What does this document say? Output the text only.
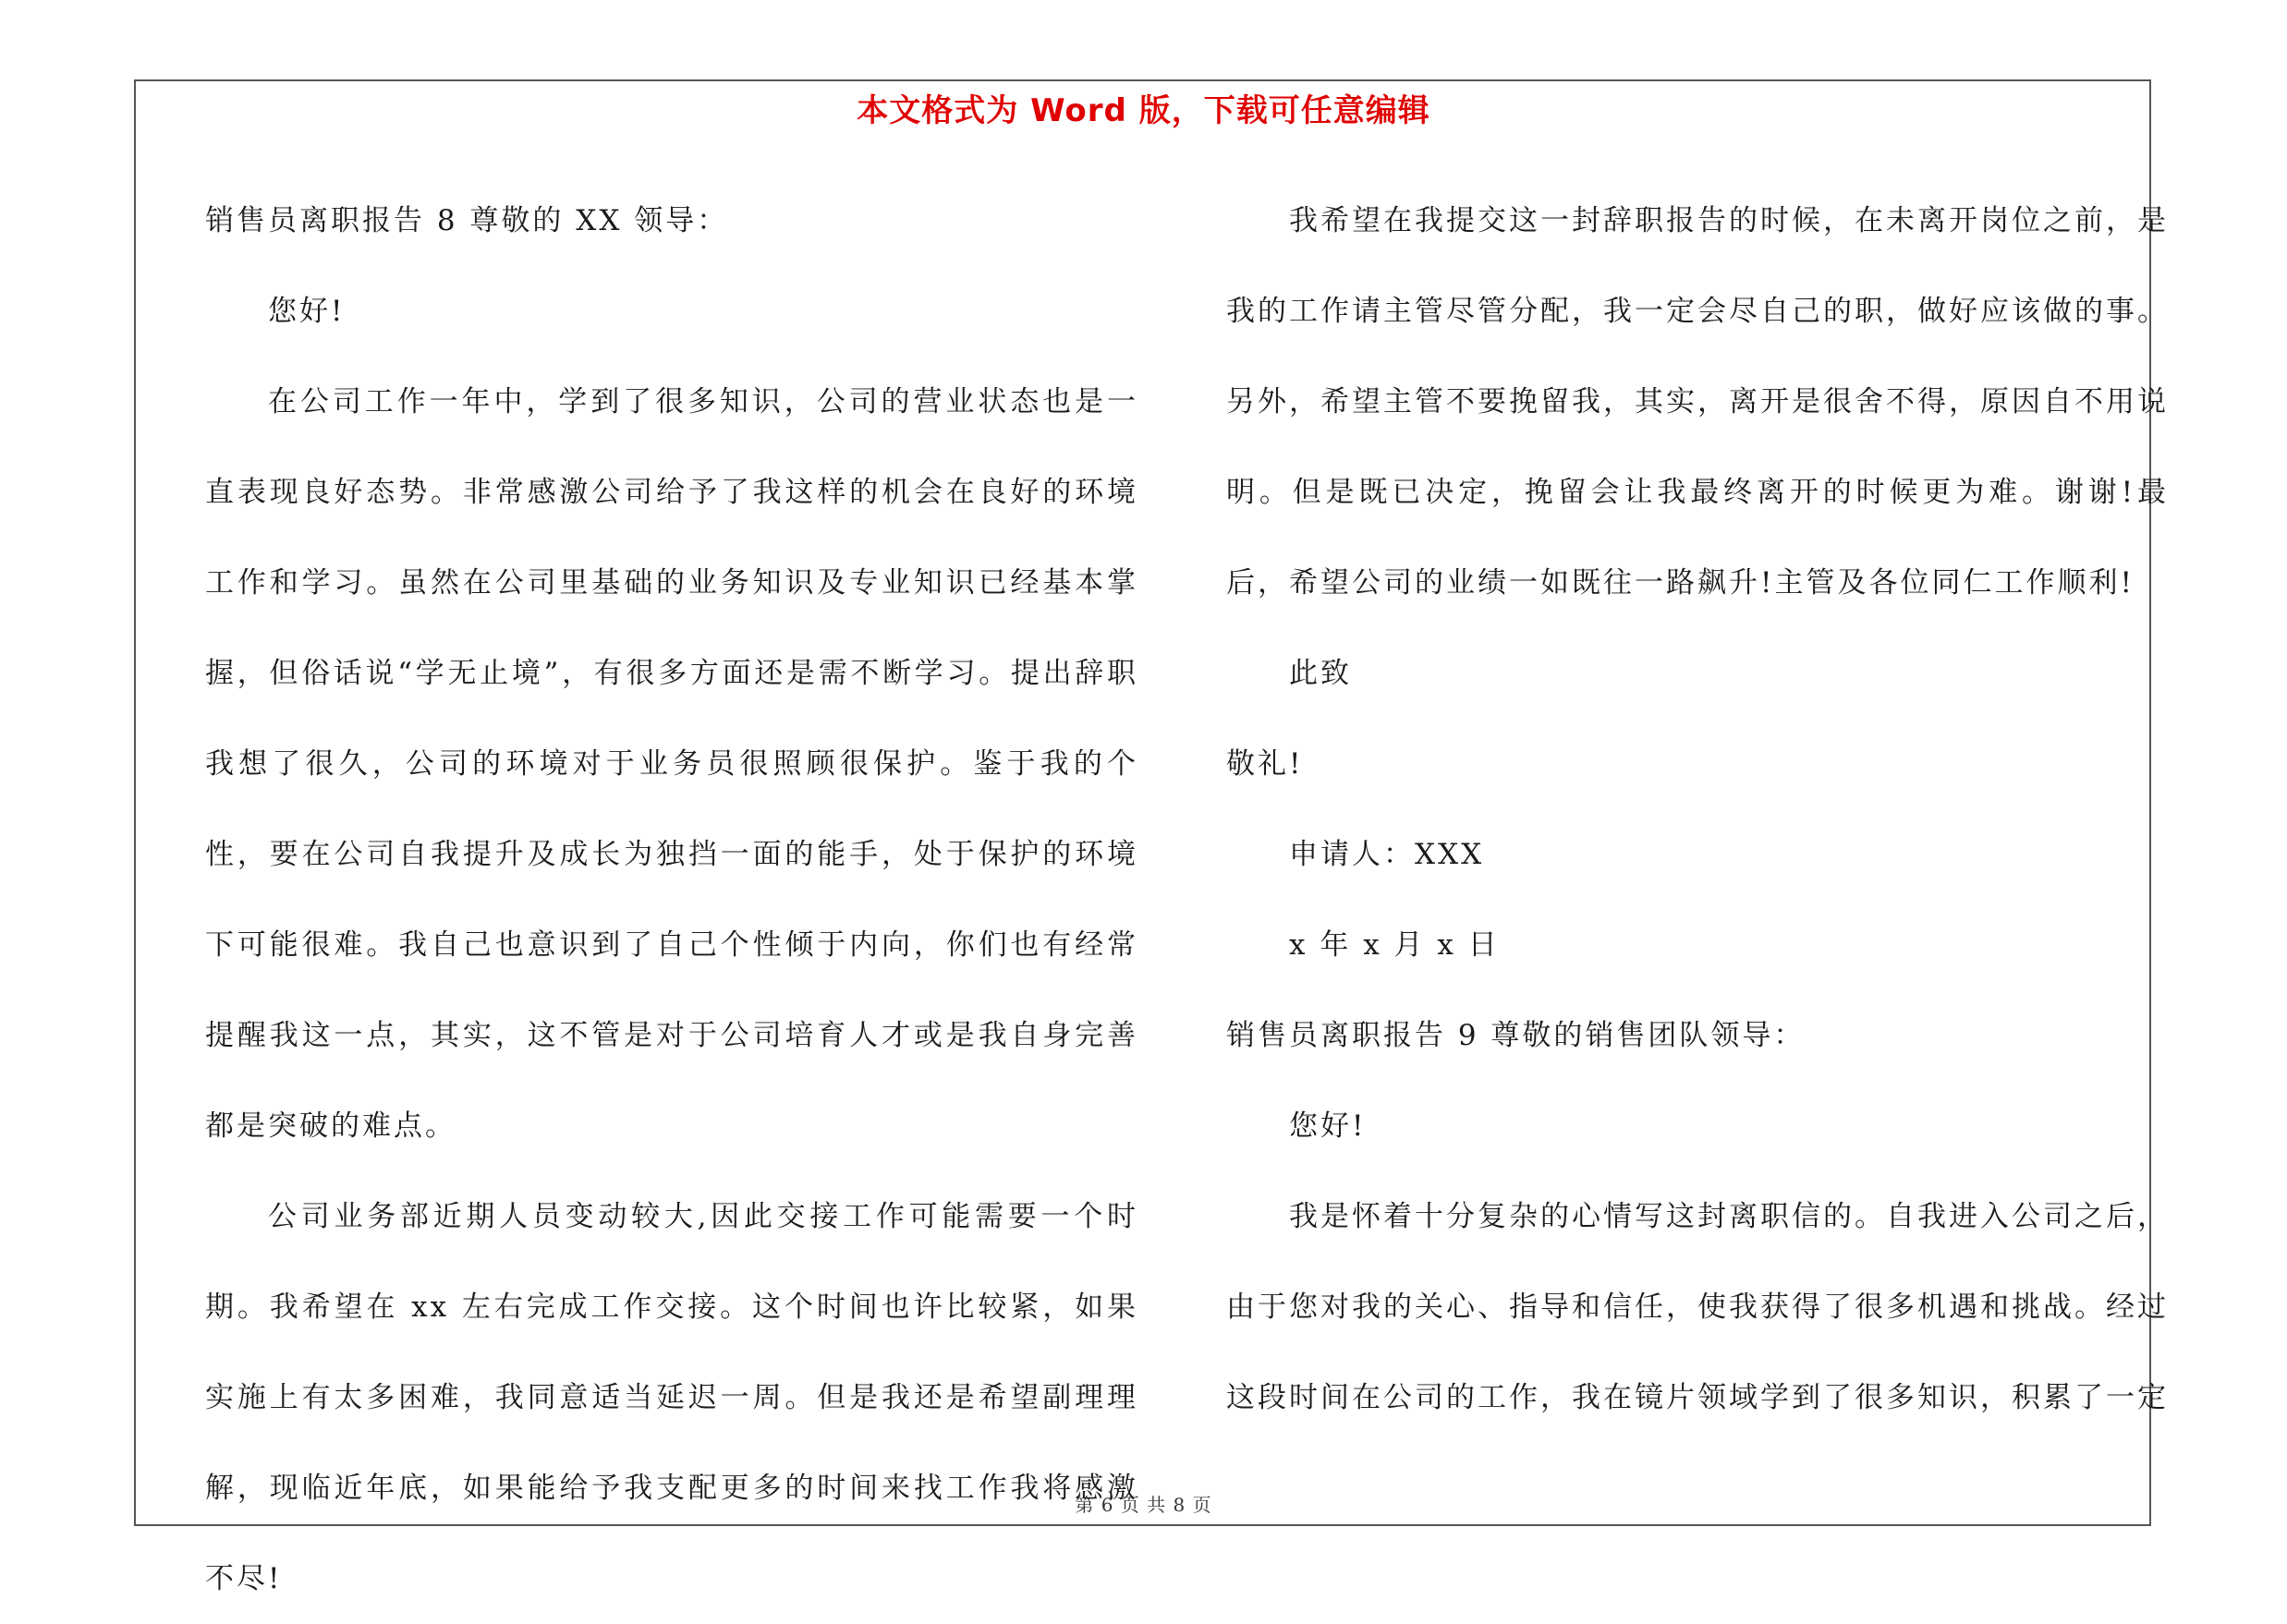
本文格式为 Word 版，下载可任意编辑

销售员离职报告 8 尊敬的 XX 领导：

您好!

在公司工作一年中，学到了很多知识，公司的营业状态也是一直表现良好态势。非常感激公司给予了我这样的机会在良好的环境工作和学习。虽然在公司里基础的业务知识及专业知识已经基本掌握，但俗话说“学无止境”，有很多方面还是需不断学习。提出辞职我想了很久，公司的环境对于业务员很照顾很保护。鉴于我的个性，要在公司自我提升及成长为独挡一面的能手，处于保护的环境下可能很难。我自己也意识到了自己个性倾于内向，你们也有经常提醒我这一点，其实，这不管是对于公司培育人才或是我自身完善都是突破的难点。

公司业务部近期人员变动较大,因此交接工作可能需要一个时期。我希望在 xx 左右完成工作交接。这个时间也许比较紧，如果实施上有太多困难，我同意适当延迟一周。但是我还是希望副理理解，现临近年底，如果能给予我支配更多的时间来找工作我将感激不尽!

我希望在我提交这一封辞职报告的时候，在未离开岗位之前，是我的工作请主管尽管分配，我一定会尽自己的职，做好应该做的事。另外，希望主管不要挽留我，其实，离开是很舍不得，原因自不用说明。但是既已决定，挽留会让我最终离开的时候更为难。谢谢!最后，希望公司的业绩一如既往一路飙升!主管及各位同仁工作顺利!

此致

敬礼!

申请人：XXX

x 年 x 月 x 日

销售员离职报告 9 尊敬的销售团队领导：

您好!

我是怀着十分复杂的心情写这封离职信的。自我进入公司之后，由于您对我的关心、指导和信任，使我获得了很多机遇和挑战。经过这段时间在公司的工作，我在镜片领域学到了很多知识，积累了一定

第 6 页 共 8 页
